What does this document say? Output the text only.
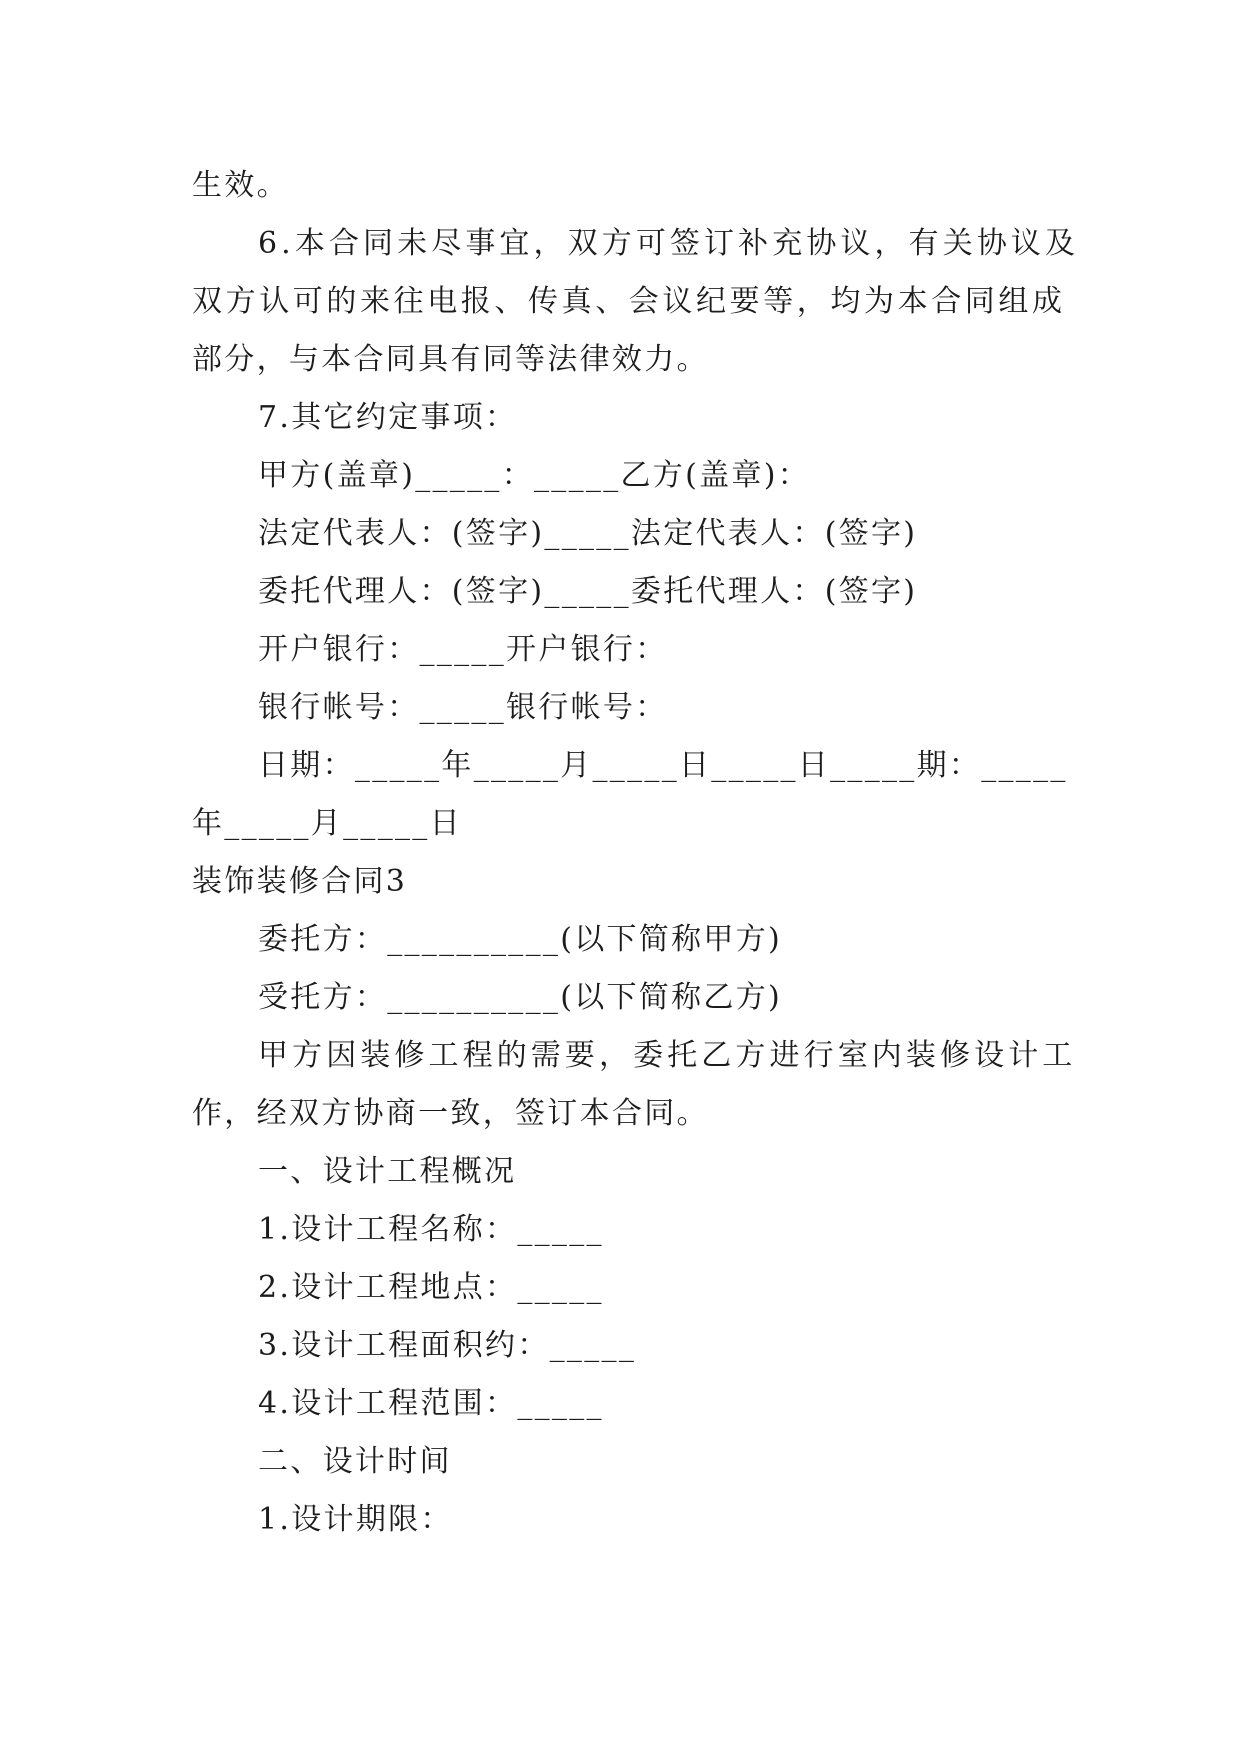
生效。
6.本合同未尽事宜，双方可签订补充协议，有关协议及
双方认可的来往电报、传真、会议纪要等，均为本合同组成
部分，与本合同具有同等法律效力。
7.其它约定事项：
甲方(盖章)_____：_____乙方(盖章)：
法定代表人：(签字)_____法定代表人：(签字)
委托代理人：(签字)_____委托代理人：(签字)
开户银行：_____开户银行：
银行帐号：_____银行帐号：
日期：_____年_____月_____日_____日_____期：_____
年_____月_____日
装饰装修合同3
委托方：__________(以下简称甲方)
受托方：__________(以下简称乙方)
甲方因装修工程的需要，委托乙方进行室内装修设计工
作，经双方协商一致，签订本合同。
一、设计工程概况
1.设计工程名称：_____
2.设计工程地点：_____
3.设计工程面积约：_____
4.设计工程范围：_____
二、设计时间
1.设计期限：
